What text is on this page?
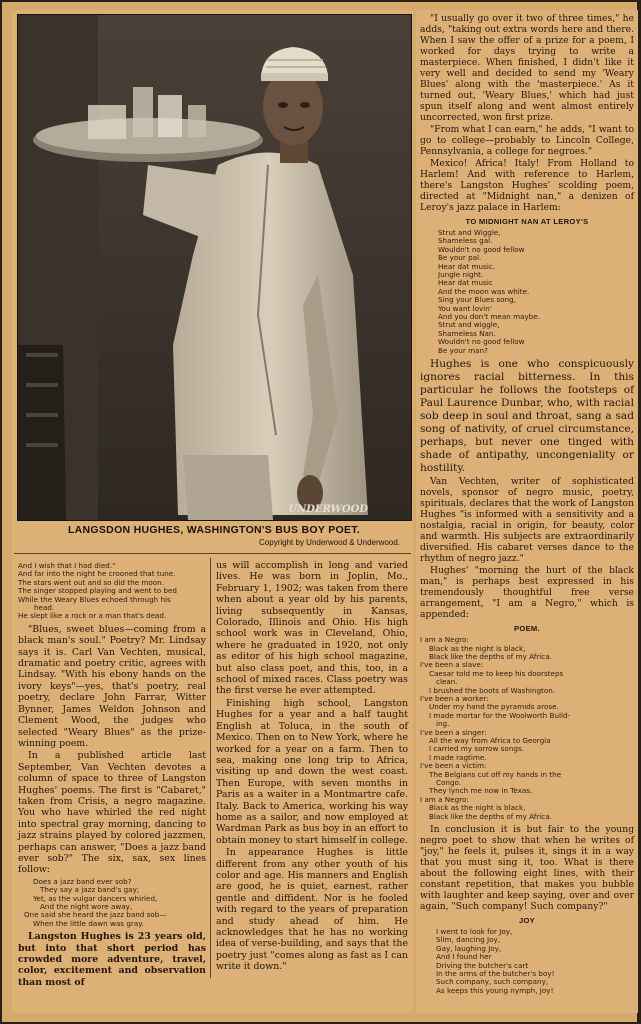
UNDERWOOD
LANGSDON HUGHES, WASHINGTON'S BUS BOY POET.
Copyright by Underwood & Underwood.
And I wish that I had died."
And far into the night he crooned that tune.
The stars went out and so did the moon.
The singer stopped playing and went to bed
While the Weary Blues echoed through his
head.
He slept like a rock or a man that's dead.

"Blues, sweet blues—coming from a black man's soul." Poetry? Mr. Lindsay says it is. Carl Van Vechten, musical, dramatic and poetry critic, agrees with Lindsay. "With his ebony hands on the ivory keys"—yes, that's poetry, real poetry, declare John Farrar, Witter Bynner, James Weldon Johnson and Clement Wood, the judges who selected "Weary Blues" as the prize-winning poem.

In a published article last September, Van Vechten devotes a column of space to three of Langston Hughes' poems. The first is "Cabaret," taken from Crisis, a negro magazine. You who have whirled the red night into spectral gray morning, dancing to jazz strains played by colored jazzmen, perhaps can answer, "Does a jazz band ever sob?" The six, sax, sex lines follow:

Does a jazz band ever sob?
They say a jazz band's gay;
Yet, as the vulgar dancers whirled,
And the night wore away,
One said she heard the jazz band sob—
When the little dawn was gray.

Langston Hughes is 23 years old, but into that short period has crowded more adventure, travel, color, excitement and observation than most of

us will accomplish in long and varied lives. He was born in Joplin, Mo., February 1, 1902; was taken from there when about a year old by his parents, living subsequently in Kansas, Colorado, Illinois and Ohio. His high school work was in Cleveland, Ohio, where he graduated in 1920, not only as editor of his high school magazine, but also class poet, and this, too, in a school of mixed races. Class poetry was the first verse he ever attempted.

Finishing high school, Langston Hughes for a year and a half taught English at Toluca, in the south of Mexico. Then on to New York, where he worked for a year on a farm. Then to sea, making one long trip to Africa, visiting up and down the west coast. Then Europe, with seven months in Paris as a waiter in a Montmartre cafe. Italy. Back to America, working his way home as a sailor, and now employed at Wardman Park as bus boy in an effort to obtain money to start himself in college.

In appearance Hughes is little different from any other youth of his color and age. His manners and English are good, he is quiet, earnest, rather gentle and diffident. Nor is he fooled with regard to the years of preparation and study ahead of him. He acknowledges that he has no working idea of verse-building, and says that the poetry just "comes along as fast as I can write it down."

"I usually go over it two of three times," he adds, "taking out extra words here and there. When I saw the offer of a prize for a poem, I worked for days trying to write a masterpiece. When finished, I didn't like it very well and decided to send my 'Weary Blues' along with the 'masterpiece.' As it turned out, 'Weary Blues,' which had just spun itself along and went almost entirely uncorrected, won first prize.

"From what I can earn," he adds, "I want to go to college—probably to Lincoln College, Pennsylvania, a college for negroes."

Mexico! Africa! Italy! From Holland to Harlem! And with reference to Harlem, there's Langston Hughes' scolding poem, directed at "Midnight nan," a denizen of Leroy's jazz palace in Harlem:

TO MIDNIGHT NAN AT LEROY'S
Strut and Wiggle,
Shameless gal.
Wouldn't no good fellow
Be your pal.
Hear dat music.
Jungle night.
Hear dat music
And the moon was white.
Sing your Blues song,
You want lovin'
And you don't mean maybe.
Strut and wiggle,
Shameless Nan.
Wouldn't no good fellow
Be your man?

Hughes is one who conspicuously ignores racial bitterness. In this particular he follows the footsteps of Paul Laurence Dunbar, who, with racial sob deep in soul and throat, sang a sad song of nativity, of cruel circumstance, perhaps, but never one tinged with shade of antipathy, uncongeniality or hostility.

Van Vechten, writer of sophisticated novels, sponsor of negro music, poetry, spirituals, declares that the work of Langston Hughes "is informed with a sensitivity and a nostalgia, racial in origin, for beauty, color and warmth. His subjects are extraordinarily diversified. His cabaret verses dance to the rhythm of negro jazz."

Hughes' "morning the hurt of the black man," is perhaps best expressed in his tremendously thoughtful free verse arrangement, "I am a Negro," which is appended:

POEM.
I am a Negro:
Black as the night is black,
Black like the depths of my Africa.
I've been a slave:
Caesar told me to keep his doorsteps
clean.
I brushed the boots of Washington.
I've been a worker:
Under my hand the pyramids arose.
I made mortar for the Woolworth Build-
ing.
I've been a singer:
All the way from Africa to Georgia
I carried my sorrow songs.
I made ragtime.
I've been a victim:
The Belgians cut off my hands in the
Congo.
They lynch me now in Texas.
I am a Negro:
Black as the night is black,
Black like the depths of my Africa.

In conclusion it is but fair to the young negro poet to show that when he writes of "joy," he feels it, pulses it, sings it in a way that you must sing it, too. What is there about the following eight lines, with their constant repetition, that makes you bubble with laughter and keep saying, over and over again, "Such company! Such company?"

JOY
I went to look for Joy,
Slim, dancing Joy,
Gay, laughing Joy,
And I found her
Driving the butcher's cart
In the arms of the butcher's boy!
Such company, such company,
As keeps this young nymph, Joy!
